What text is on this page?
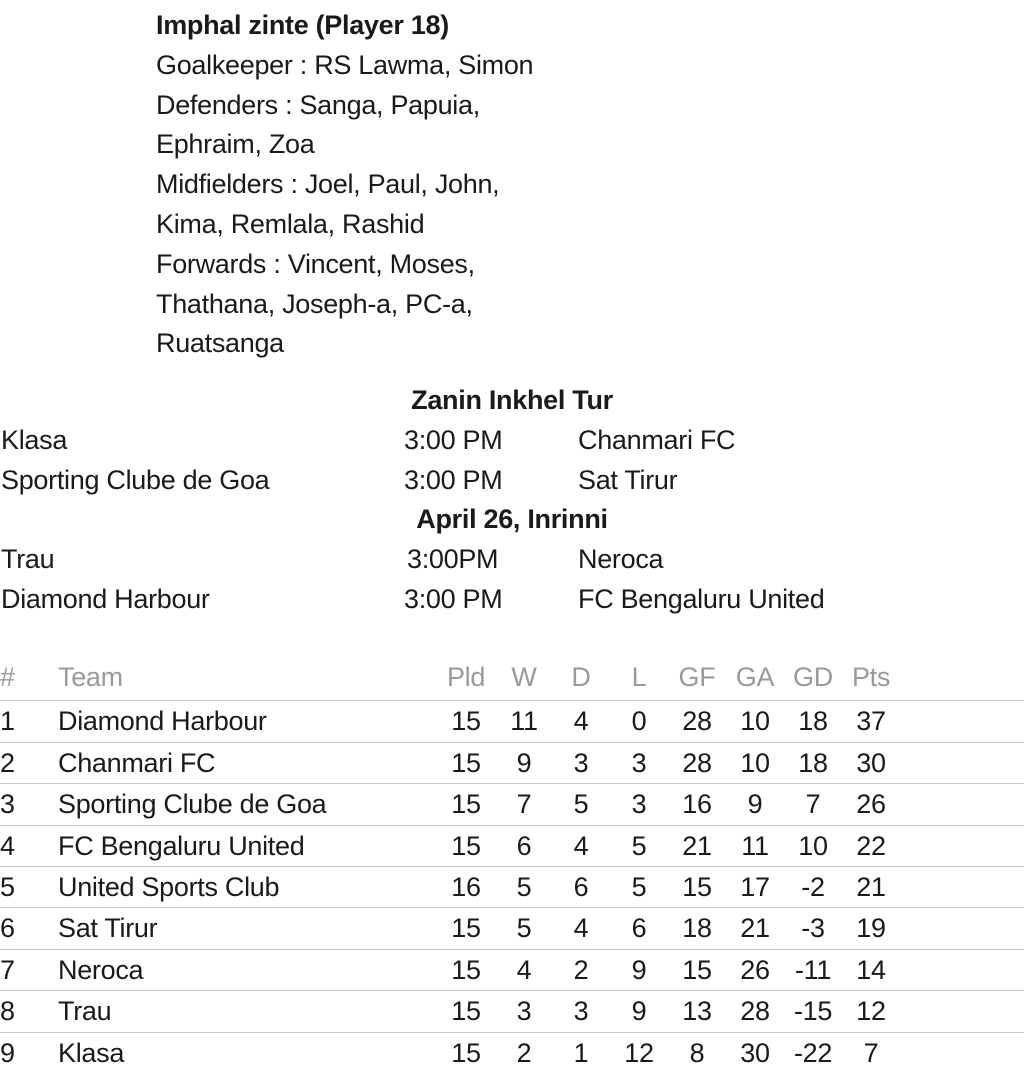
Imphal zinte (Player 18)
Goalkeeper : RS Lawma, Simon
Defenders : Sanga, Papuia,
Ephraim, Zoa
Midfielders : Joel, Paul, John,
Kima, Remlala, Rashid
Forwards : Vincent, Moses,
Thathana, Joseph-a, PC-a,
Ruatsanga
Zanin Inkhel Tur
Klasa	3:00 PM	Chanmari FC
Sporting Clube de Goa	3:00 PM	Sat Tirur
April 26, Inrinni
Trau	3:00PM	Neroca
Diamond Harbour	3:00 PM	FC Bengaluru United
# Team	Pld W	D	L	GF GA GD Pts
1 Diamond Harbour	15	11	4	0	28	10	18	37
2 Chanmari FC	15	9	3	3	28	10	18	30
3 Sporting Clube de Goa	15	7	5	3	16	9	7	26
4 FC Bengaluru United	15	6	4	5	21	11	10	22
5 United Sports Club	16	5	6	5	15	17	-2	21
6 Sat Tirur	15	5	4	6	18	21	-3	19
7 Neroca	15	4	2	9	15	26 -11 14
8 Trau	15	3	3	9	13	28 -15 12
9 Klasa	15	2	1	12	8	30 -22	7
